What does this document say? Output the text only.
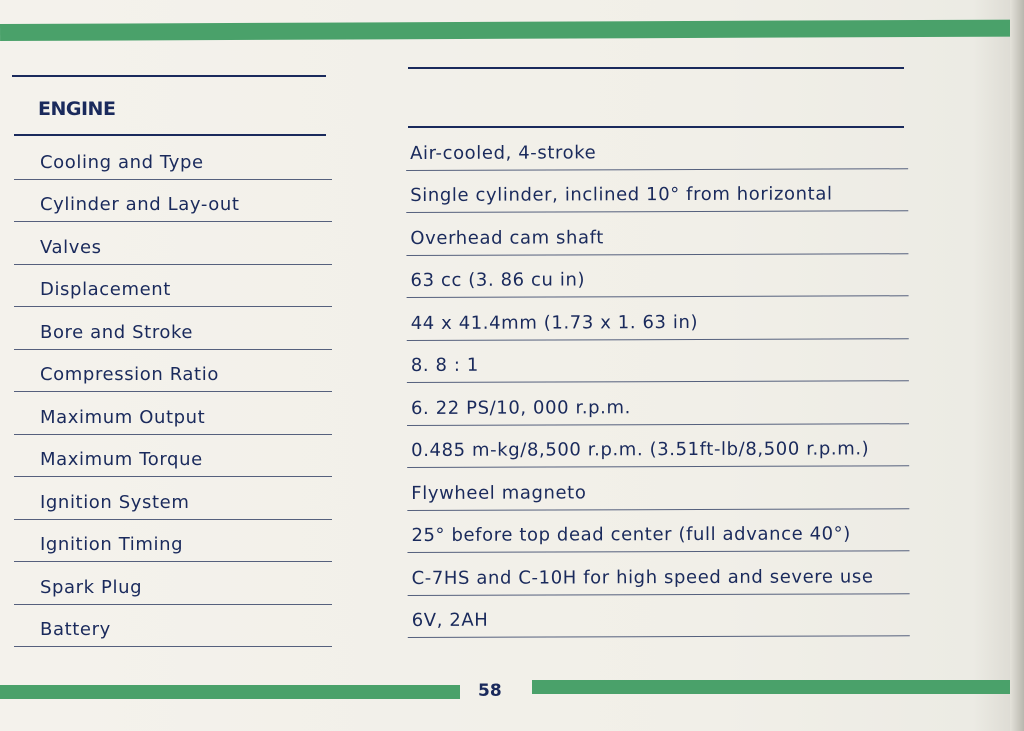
ENGINE
Cooling and Type
Cylinder and Lay-out
Valves
Displacement
Bore and Stroke
Compression Ratio
Maximum Output
Maximum Torque
Ignition System
Ignition Timing
Spark Plug
Battery
Air-cooled, 4-stroke
Single cylinder, inclined 10° from horizontal
Overhead cam shaft
63 cc (3. 86 cu in)
44 x 41.4mm (1.73 x 1. 63 in)
8. 8 : 1
6. 22 PS/10, 000 r.p.m.
0.485 m-kg/8,500 r.p.m. (3.51ft-lb/8,500 r.p.m.)
Flywheel magneto
25° before top dead center (full advance 40°)
C-7HS and C-10H for high speed and severe use
6V, 2AH
58
